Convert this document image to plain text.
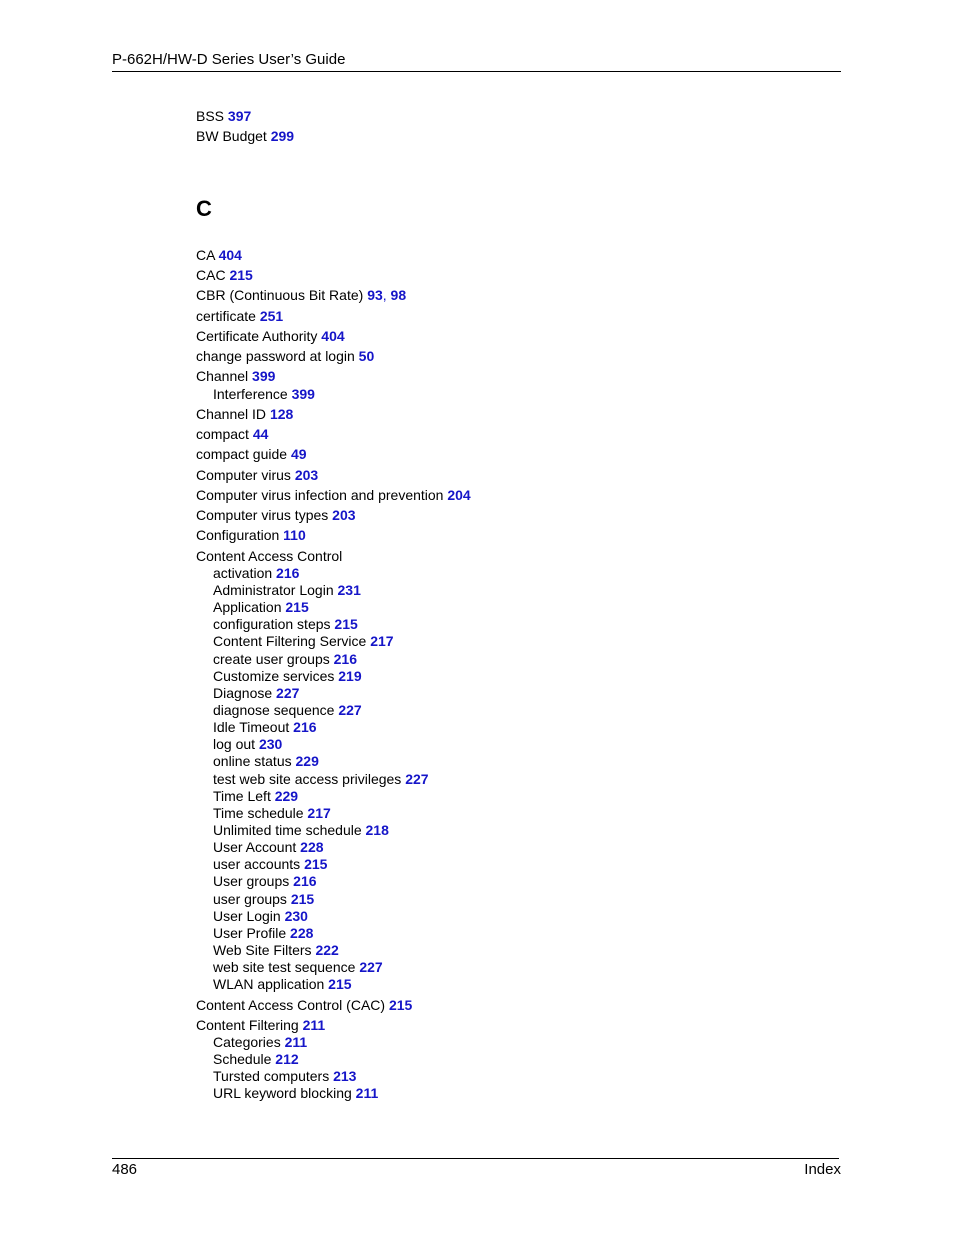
P-662H/HW-D Series User’s Guide
C
BSS 397
BW Budget 299
CA 404
CAC 215
CBR (Continuous Bit Rate) 93, 98
certificate 251
Certificate Authority 404
change password at login 50
Channel 399
Interference 399
Channel ID 128
compact 44
compact guide 49
Computer virus 203
Computer virus infection and prevention 204
Computer virus types 203
Configuration 110
Content Access Control
activation 216
Administrator Login 231
Application 215
configuration steps 215
Content Filtering Service 217
create user groups 216
Customize services 219
Diagnose 227
diagnose sequence 227
Idle Timeout 216
log out 230
online status 229
test web site access privileges 227
Time Left 229
Time schedule 217
Unlimited time schedule 218
User Account 228
user accounts 215
User groups 216
user groups 215
User Login 230
User Profile 228
Web Site Filters 222
web site test sequence 227
WLAN application 215
Content Access Control (CAC) 215
Content Filtering 211
Categories 211
Schedule 212
Tursted computers 213
URL keyword blocking 211
486	Index
